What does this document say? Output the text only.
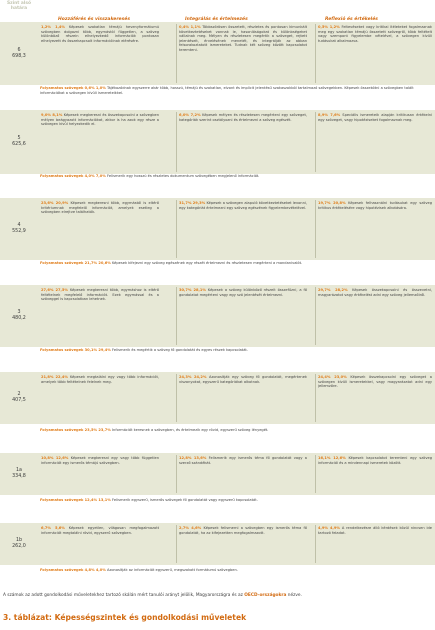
Szint alsó határa
Hozzáférés és visszakeresés	Integrálás és értelmezés	Reflexió és értékelés
6
698,3
1,2% 1,4% Képesek szokatlan témájú hevenyformátumú szövegben dolgozni több, egymástól független, a szöveg különböző részein elhelyezkedő információk pontosan elhelyezett és összekapcsolt információinak elérésére.
0,4% 1,1% Többszörösen összetett, részletes és pontosan kimunkált következtetéseket vonnak le, hasonlóságokat és különbségeket vállalnak meg. Mélyen és részletesen megértik a szöveget, rejtett jelentéseit, érvelésének menetét, és integrálják az abban felsorakoztatott ismereteket. Tudnak két szöveg között kapcsolatot teremteni.
0,5% 1,2% Feltevéseket vagy kritikai ítéleteket fogalmaznak meg egy szokatlan témájú összetett szövegről, több feltételt vagy szempont figyelembe vételével, a szövegen kívüli tudásukat alkalmazva.
Folyamatos szövegek 0,6% 1,0% Tájékozódnak egyszerre akár több, hosszú, témájú és szokatlan, elvont és implicit jelentésű szakaszokból tartalmazó szövegekben. Képesek összekötni a szövegben talált információkat a szövegen kívüli ismereteikkel.
5
625,6
9,0% 8,1% Képesek megkeresni és összekapcsolni a szövegben mélyen beágyazott információkat, akkor is ha azok egy része a szövegen kívül helyezkedik el.
6,0% 7,2% Képesek mélyen és részletesen megérteni egy szöveget, kategóriák szerint osztályozni és értelmezni a szöveg egészét.
8,9% 7,6% Speciális ismereteik alapján kritikusan értékelni egy szöveget, vagy hipotéziseket fogalmaznak meg.
Folyamatos szövegek 4,0% 7,0% Felismerik egy hosszú és részletes dokumentum szövegében megjelenő információt.
4
552,9
23,6% 20,9% Képesek megkeresni több, egymástól is eltérő kritériumnak megfelelő információt, amelyek esetleg a szövegben elrejtve találhatók.
31,7% 29,3% Képesek a szövegen alapuló következtetéseket levonni, egy kategóriát értelmezni egy szöveg egészének figyelembevételével.
19,7% 20,8% Képesek felhasználni tudásukat egy szöveg kritikus értékelésére vagy hipotézisek alkotására.
Folyamatos szövegek 21,7% 20,6% Képesek kifejezni egy szöveg egészének egy részét értelmezni és részletesen megérteni a mondanivalót.
3
480,2
27,6% 27,5% Képesek megkeresni több, egymáshoz is eltérő feltételnek megfelelő információt. Ezek egymással és a szöveggel is kapcsolatban lehetnek.
30,7% 28,1% Képesek a szöveg különböző részeit összefűzni, a fő gondolatot megérteni vagy egy szó jelentését értelmezni.
29,7% 28,2% Képesek összekapcsolni és összevetni, magyarázatot vagy értékelést adni egy szöveg jellemzőiről.
Folyamatos szövegek 30,1% 29,4% Felismerik és megértik a szöveg fő gondolatát és egyes részek kapcsolatát.
2
407,5
21,8% 22,4% Képesek megtalálni egy vagy több információt, amelyek több feltételnek felelnek meg.
24,3% 24,2% Azonosítják egy szöveg fő gondolatát, megértenek viszonyokat, egyszerű kategóriákat alkotnak.
24,4% 23,0% Képesek összekapcsolni egy szöveget a szövegen kívüli ismeretekkel, vagy magyarázatot adni egy jellemzőre.
Folyamatos szövegek 23,5% 23,7% Információt keresnek a szövegben, és értelmezik egy rövid, egyszerű szöveg lényegét.
1a
334,8
10,8% 12,6% Képesek megkeresni egy vagy több független információt egy ismerős témájú szövegben.
12,8% 13,6% Felismerik egy ismerős téma fő gondolatát vagy a szerző szándékát.
16,1% 12,6% Képesek kapcsolatot teremteni egy szöveg információi és a mindennapi ismeretek között.
Folyamatos szövegek 12,4% 13,1% Felismerik egyszerű, ismerős szövegek fő gondolatát vagy egyszerű kapcsolatát.
1b
262,0
6,7% 5,6% Képesek egyetlen, világosan megfogalmazott információt megtalálni rövid, egyszerű szövegben.
2,7% 4,6% Képesek felismerni a szövegben egy ismerős téma fő gondolatát, ha az kifejezetten megfogalmazott.
4,9% 4,9% A rendelkezésre álló kérdések közül nincsen ide tartozó feladat.
Folyamatos szövegek 4,8% 4,0% Azonosítják az információt egyszerű, megszokott formátumú szövegben.
A számok az adott gondolkodási műveletekhez tartozó skálán mért tanulói arányt jelölik, Magyarországra és az OECD-országokra nézve.
3. táblázat: Képességszintek és gondolkodási műveletek
